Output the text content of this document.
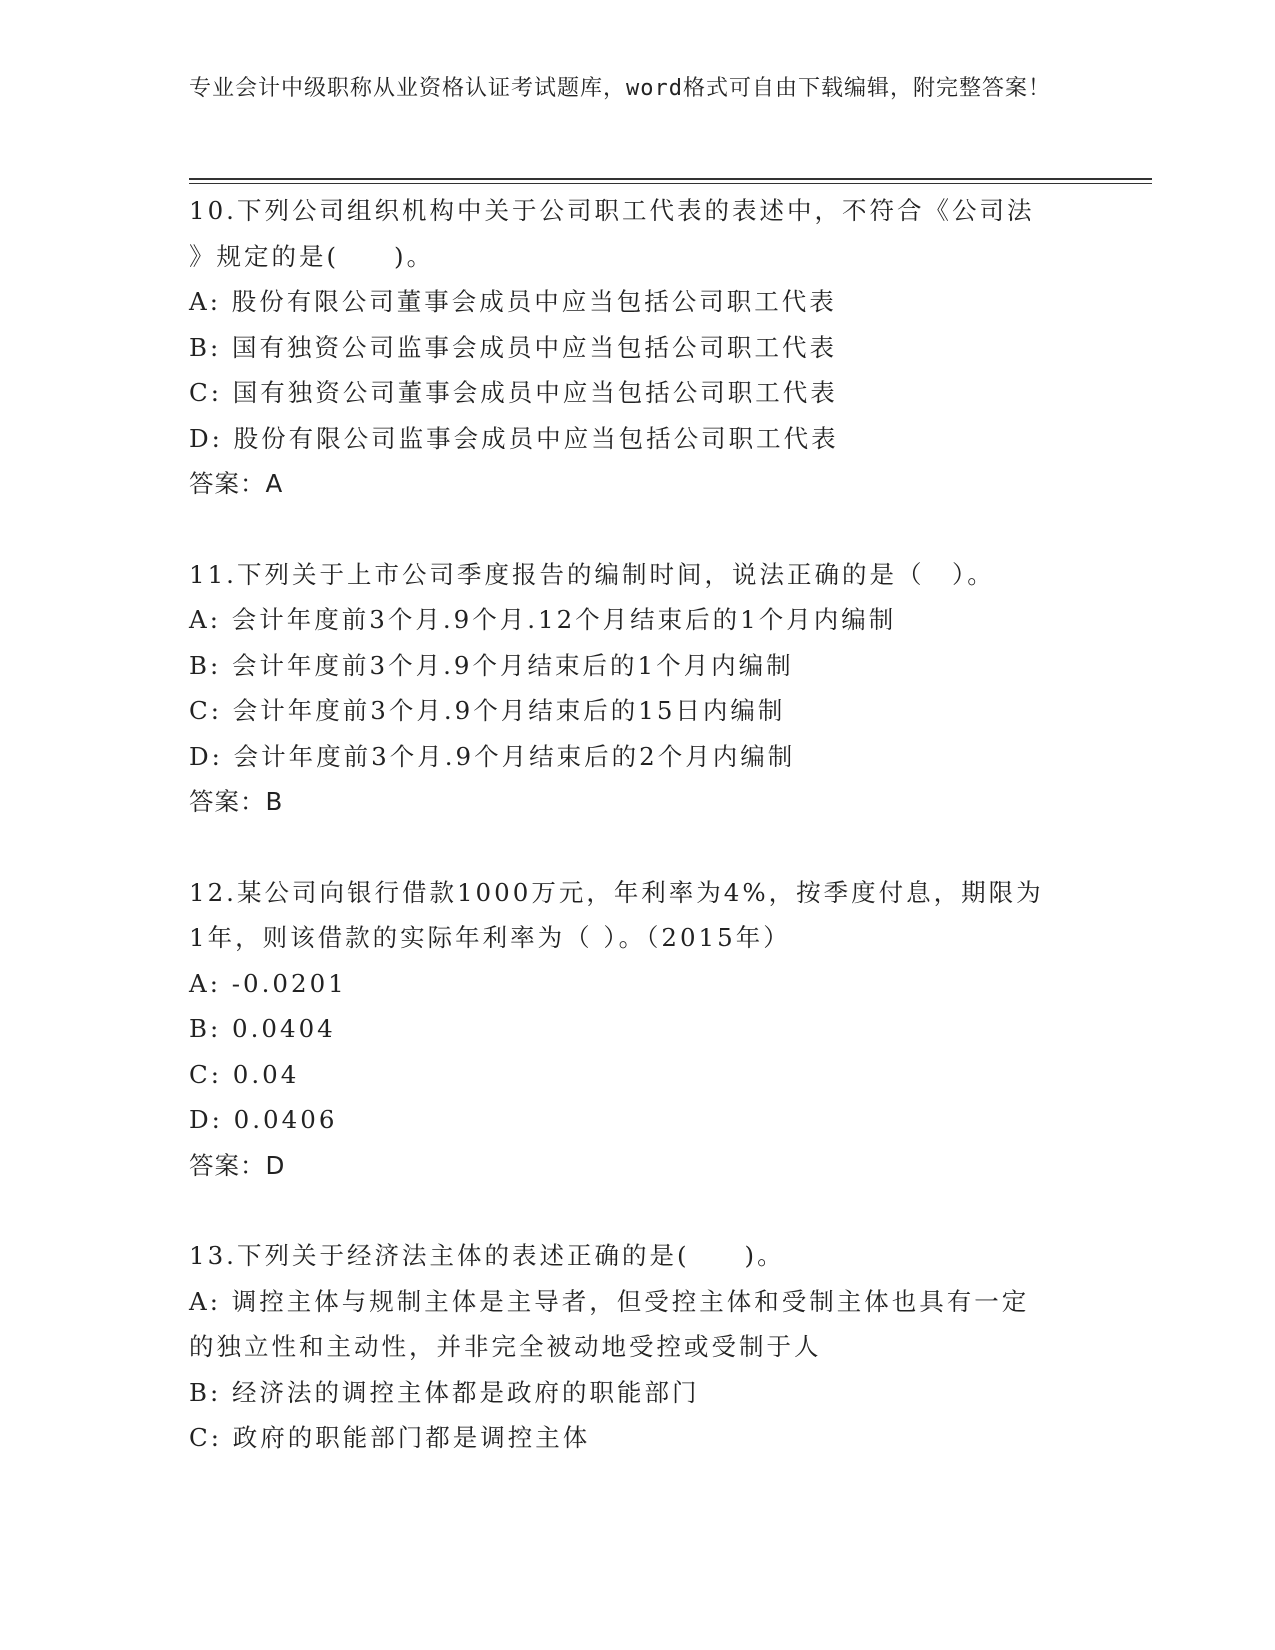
专业会计中级职称从业资格认证考试题库，word格式可自由下载编辑，附完整答案！
10.下列公司组织机构中关于公司职工代表的表述中，不符合《公司法
》规定的是(　　)。
A: 股份有限公司董事会成员中应当包括公司职工代表
B: 国有独资公司监事会成员中应当包括公司职工代表
C: 国有独资公司董事会成员中应当包括公司职工代表
D: 股份有限公司监事会成员中应当包括公司职工代表
答案：A
11.下列关于上市公司季度报告的编制时间，说法正确的是（　）。
A: 会计年度前3个月.9个月.12个月结束后的1个月内编制
B: 会计年度前3个月.9个月结束后的1个月内编制
C: 会计年度前3个月.9个月结束后的15日内编制
D: 会计年度前3个月.9个月结束后的2个月内编制
答案：B
12.某公司向银行借款1000万元，年利率为4%，按季度付息，期限为
1年，则该借款的实际年利率为（ ）。（2015年）
A: -0.0201
B: 0.0404
C: 0.04
D: 0.0406
答案：D
13.下列关于经济法主体的表述正确的是(　　)。
A: 调控主体与规制主体是主导者，但受控主体和受制主体也具有一定
的独立性和主动性，并非完全被动地受控或受制于人
B: 经济法的调控主体都是政府的职能部门
C: 政府的职能部门都是调控主体
